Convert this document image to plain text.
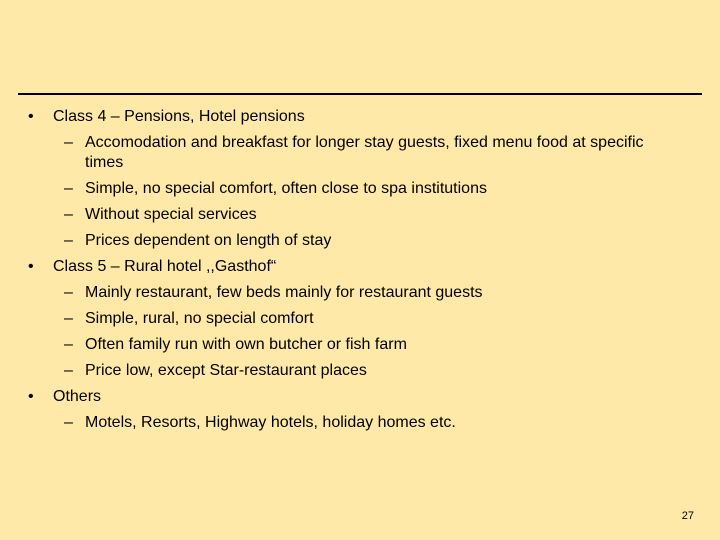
• Class 4 – Pensions, Hotel pensions
– Accomodation and breakfast for longer stay guests, fixed menu food at specific times
– Simple, no special comfort, often close to spa institutions
– Without special services
– Prices dependent on length of stay
• Class 5 – Rural hotel ,,Gasthof“
– Mainly restaurant, few beds mainly for restaurant guests
– Simple, rural, no special comfort
– Often family run with own butcher or fish farm
– Price low, except Star-restaurant places
• Others
– Motels, Resorts, Highway hotels, holiday homes etc.
27
